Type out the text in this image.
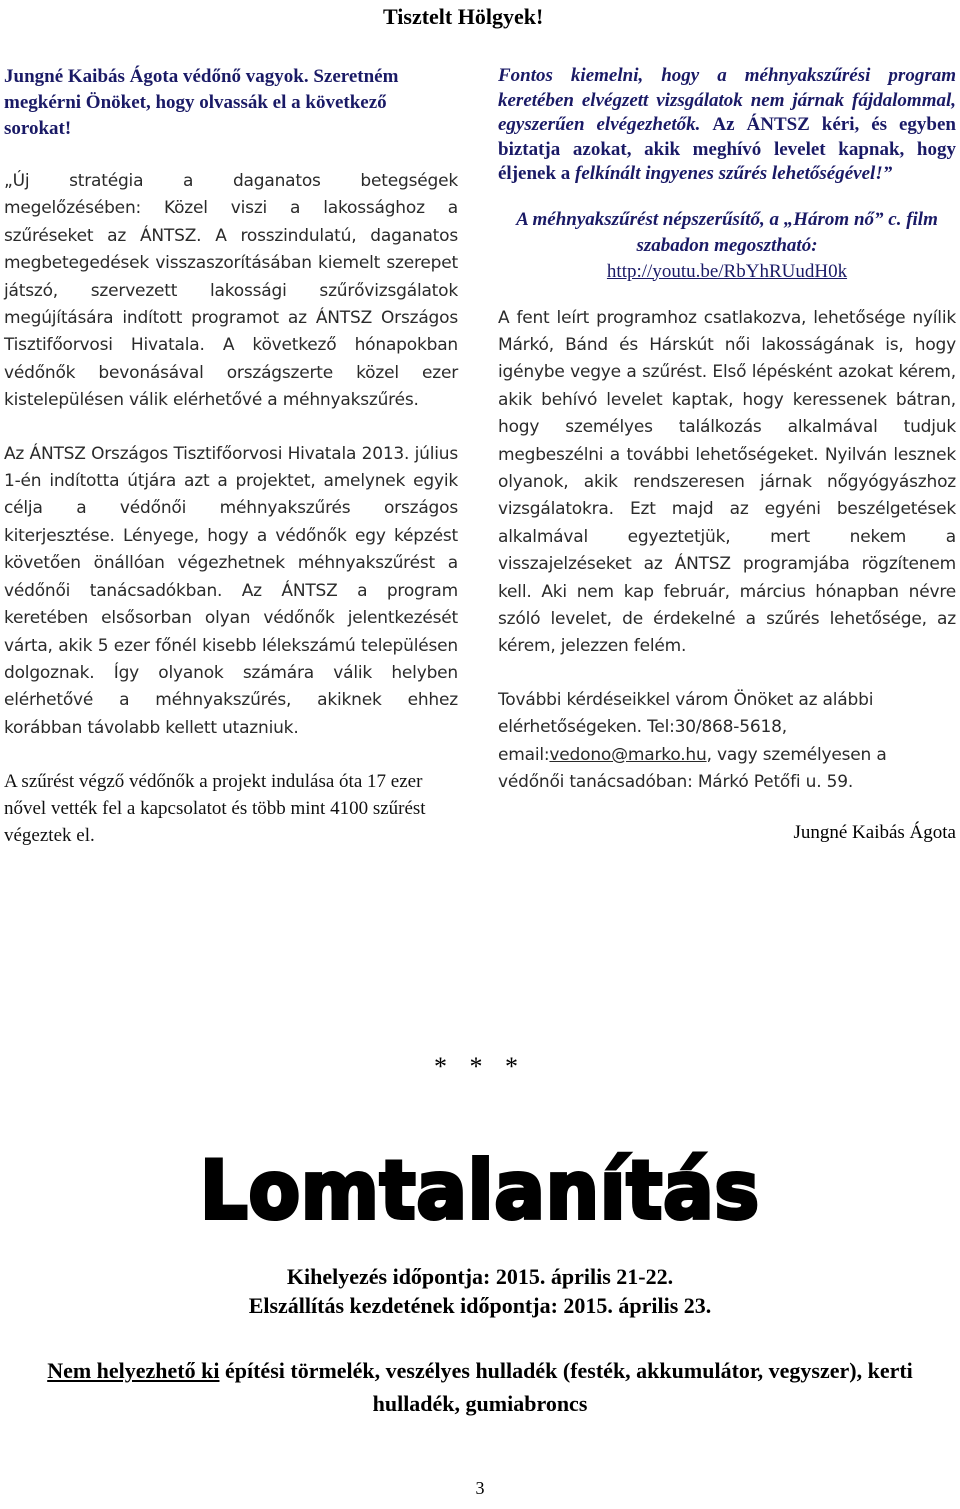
Tisztelt Hölgyek!

Jungné Kaibás Ágota védőnő vagyok. Szeretném megkérni Önöket, hogy olvassák el a következő sorokat!

„Új stratégia a daganatos betegségek megelőzésében: Közel viszi a lakossághoz a szűréseket az ÁNTSZ. A rosszindulatú, daganatos megbetegedések visszaszorításában kiemelt szerepet játszó, szervezett lakossági szűrővizsgálatok megújítására indított programot az ÁNTSZ Országos Tisztifőorvosi Hivatala. A következő hónapokban védőnők bevonásával országszerte közel ezer kistelepülésen válik elérhetővé a méhnyakszűrés.

Az ÁNTSZ Országos Tisztifőorvosi Hivatala 2013. július 1-én indította útjára azt a projektet, amelynek egyik célja a védőnői méhnyakszűrés országos kiterjesztése. Lényege, hogy a védőnők egy képzést követően önállóan végezhetnek méhnyakszűrést a védőnői tanácsadókban. Az ÁNTSZ a program keretében elsősorban olyan védőnők jelentkezését várta, akik 5 ezer főnél kisebb lélekszámú településen dolgoznak. Így olyanok számára válik helyben elérhetővé a méhnyakszűrés, akiknek ehhez korábban távolabb kellett utazniuk.

A szűrést végző védőnők a projekt indulása óta 17 ezer nővel vették fel a kapcsolatot és több mint 4100 szűrést végeztek el.

Fontos kiemelni, hogy a méhnyakszűrési program keretében elvégzett vizsgálatok nem járnak fájdalommal, egyszerűen elvégezhetők. Az ÁNTSZ kéri, és egyben biztatja azokat, akik meghívó levelet kapnak, hogy éljenek a felkínált ingyenes szűrés lehetőségével!”

A méhnyakszűrést népszerűsítő, a „Három nő” c. film szabadon megosztható:

http://youtu.be/RbYhRUudH0k

A fent leírt programhoz csatlakozva, lehetősége nyílik Márkó, Bánd és Hárskút női lakosságának is, hogy igénybe vegye a szűrést. Első lépésként azokat kérem, akik behívó levelet kaptak, hogy keressenek bátran, hogy személyes találkozás alkalmával tudjuk megbeszélni a további lehetőségeket. Nyilván lesznek olyanok, akik rendszeresen járnak nőgyógyászhoz vizsgálatokra. Ezt majd az egyéni beszélgetések alkalmával egyeztetjük, mert nekem a visszajelzéseket az ÁNTSZ programjába rögzítenem kell. Aki nem kap február, március hónapban névre szóló levelet, de érdekelné a szűrés lehetősége, az kérem, jelezzen felém.

További kérdéseikkel várom Önöket az alábbi elérhetőségeken. Tel:30/868-5618, email:vedono@marko.hu, vagy személyesen a védőnői tanácsadóban: Márkó Petőfi u. 59.

Jungné Kaibás Ágota

* * *
Lomtalanítás
Kihelyezés időpontja: 2015. április 21-22.
Elszállítás kezdetének időpontja: 2015. április 23.
Nem helyezhető ki építési törmelék, veszélyes hulladék (festék, akkumulátor, vegyszer), kerti hulladék, gumiabroncs
3
